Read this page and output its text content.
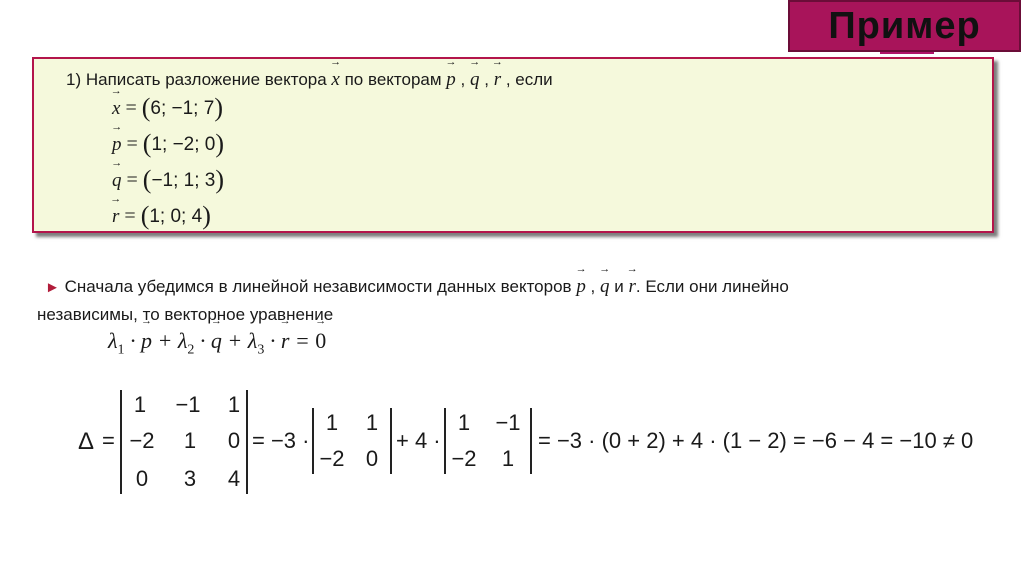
Пример
1) Написать разложение вектора → x по векторам → p , → q , → r , если
→ x = (6; −1; 7)
→ p = (1; −2; 0)
→ q = (−1; 1; 3)
→ r = (1; 0; 4)
► Сначала убедимся в линейной независимости данных векторов → p , → q и → r. Если они линейно
независимы, то векторное уравнение
$\lambda_1$ · → $p + \lambda_2$ · → $q + \lambda_3$ · → r = → 0
Δ =
1	−1	1
−2	1	0
0	3	4
= −3 ·
1	1
−2 0
+ 4 ·
1	−1
−2	1
= −3 · (0 + 2) + 4 · (1 − 2) = −6 − 4 = −10 ≠ 0
